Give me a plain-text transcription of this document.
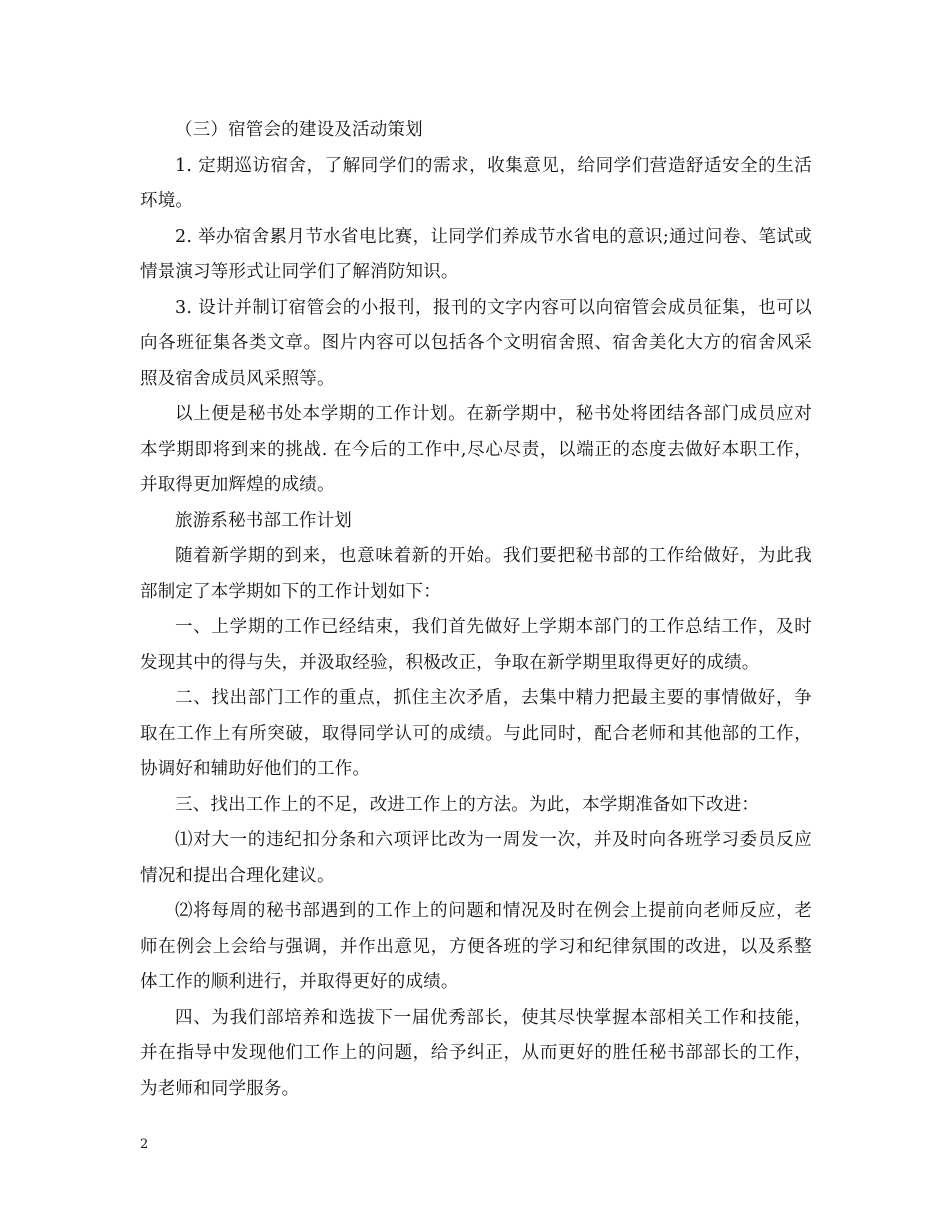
（三）宿管会的建设及活动策划

1. 定期巡访宿舍，了解同学们的需求，收集意见，给同学们营造舒适安全的生活环境。

2. 举办宿舍累月节水省电比赛，让同学们养成节水省电的意识;通过问卷、笔试或情景演习等形式让同学们了解消防知识。

3. 设计并制订宿管会的小报刊，报刊的文字内容可以向宿管会成员征集，也可以向各班征集各类文章。图片内容可以包括各个文明宿舍照、宿舍美化大方的宿舍风采照及宿舍成员风采照等。

以上便是秘书处本学期的工作计划。在新学期中，秘书处将团结各部门成员应对本学期即将到来的挑战. 在今后的工作中,尽心尽责，以端正的态度去做好本职工作，并取得更加辉煌的成绩。

旅游系秘书部工作计划

随着新学期的到来，也意味着新的开始。我们要把秘书部的工作给做好，为此我部制定了本学期如下的工作计划如下：

一、上学期的工作已经结束，我们首先做好上学期本部门的工作总结工作，及时发现其中的得与失，并汲取经验，积极改正，争取在新学期里取得更好的成绩。

二、找出部门工作的重点，抓住主次矛盾，去集中精力把最主要的事情做好，争取在工作上有所突破，取得同学认可的成绩。与此同时，配合老师和其他部的工作，协调好和辅助好他们的工作。

三、找出工作上的不足，改进工作上的方法。为此，本学期准备如下改进：

⑴对大一的违纪扣分条和六项评比改为一周发一次，并及时向各班学习委员反应情况和提出合理化建议。

⑵将每周的秘书部遇到的工作上的问题和情况及时在例会上提前向老师反应，老师在例会上会给与强调，并作出意见，方便各班的学习和纪律氛围的改进，以及系整体工作的顺利进行，并取得更好的成绩。

四、为我们部培养和选拔下一届优秀部长，使其尽快掌握本部相关工作和技能，并在指导中发现他们工作上的问题，给予纠正，从而更好的胜任秘书部部长的工作，为老师和同学服务。

2
